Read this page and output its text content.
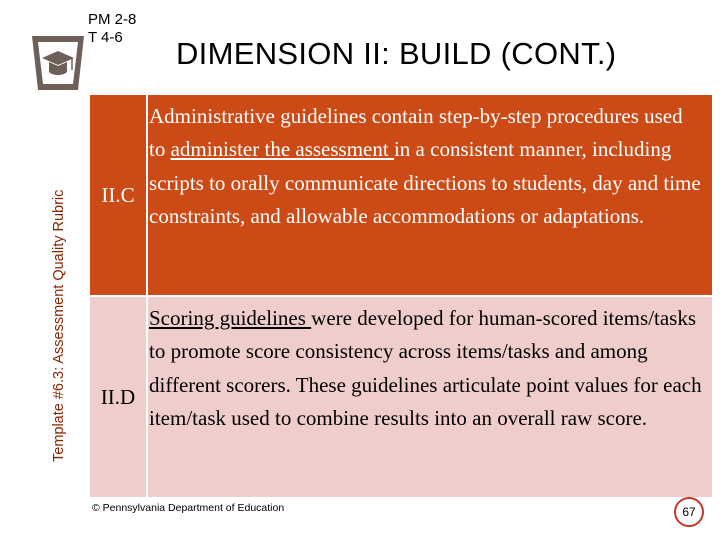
Template #6.3: Assessment Quality Rubric
PM 2-8
T 4-6	DIMENSION II: BUILD (CONT.)
II.C
Administrative guidelines contain step-by-step procedures used to administer the assessment in a consistent manner, including scripts to orally communicate directions to students, day and time constraints, and allowable accommodations or adaptations.
II.D
Scoring guidelines were developed for human-scored items/tasks to promote score consistency across items/tasks and among different scorers. These guidelines articulate point values for each item/task used to combine results into an overall raw score.
© Pennsylvania Department of Education	67
